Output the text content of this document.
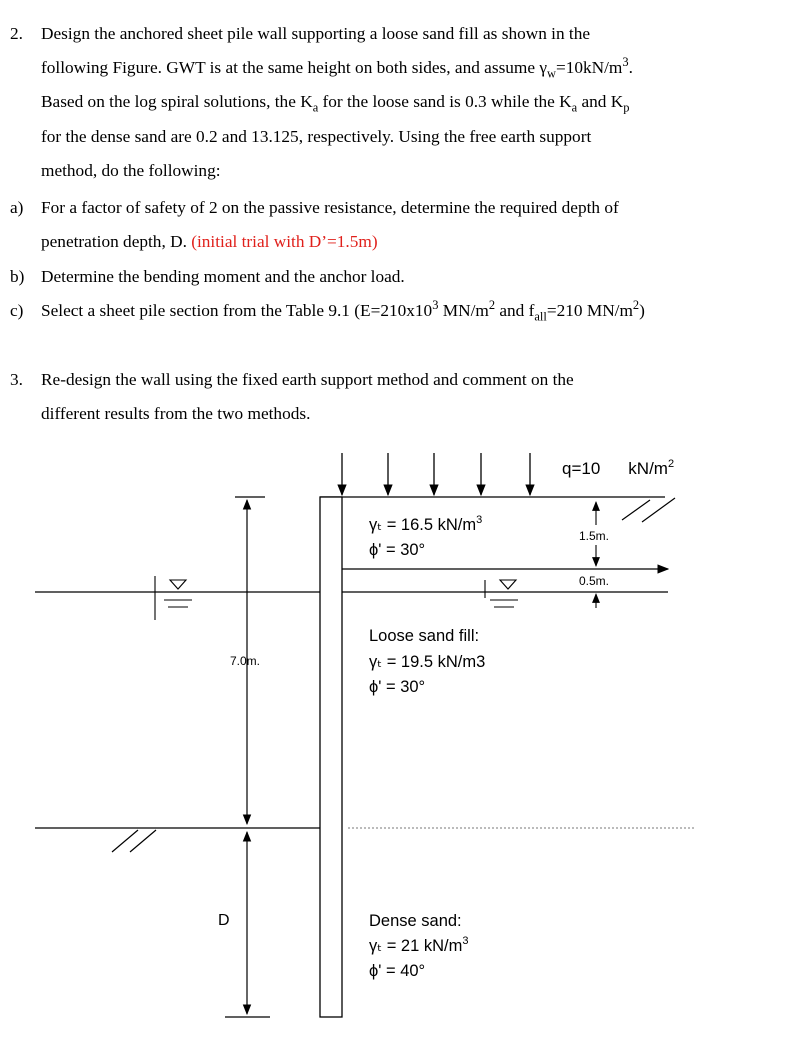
2. Design the anchored sheet pile wall supporting a loose sand fill as shown in the
following Figure. GWT is at the same height on both sides, and assume $\gamma_w=10kN/m^3$.
Based on the log spiral solutions, the $K_a$ for the loose sand is 0.3 while the $K_a$ and $K_p$
for the dense sand are 0.2 and 13.125, respectively. Using the free earth support
method, do the following:
a) For a factor of safety of 2 on the passive resistance, determine the required depth of
penetration depth, D. (initial trial with D’=1.5m)
b) Determine the bending moment and the anchor load.
c) Select a sheet pile section from the Table 9.1 ($E=210x10^3$ $MN/m^2$ and $f_{all}=210$ $MN/m^2$)
3. Re-design the wall using the fixed earth support method and comment on the
different results from the two methods.
q=10 $kN/m^2$
γₜ = 16.5 $kN/m^3$
ϕ' = 30°
1.5m.
0.5m.
7.0m.
D
Loose sand fill:
γₜ = 19.5 kN/m3
ϕ' = 30°
Dense sand:
γₜ = 21 $kN/m^3$
ϕ' = 40°
